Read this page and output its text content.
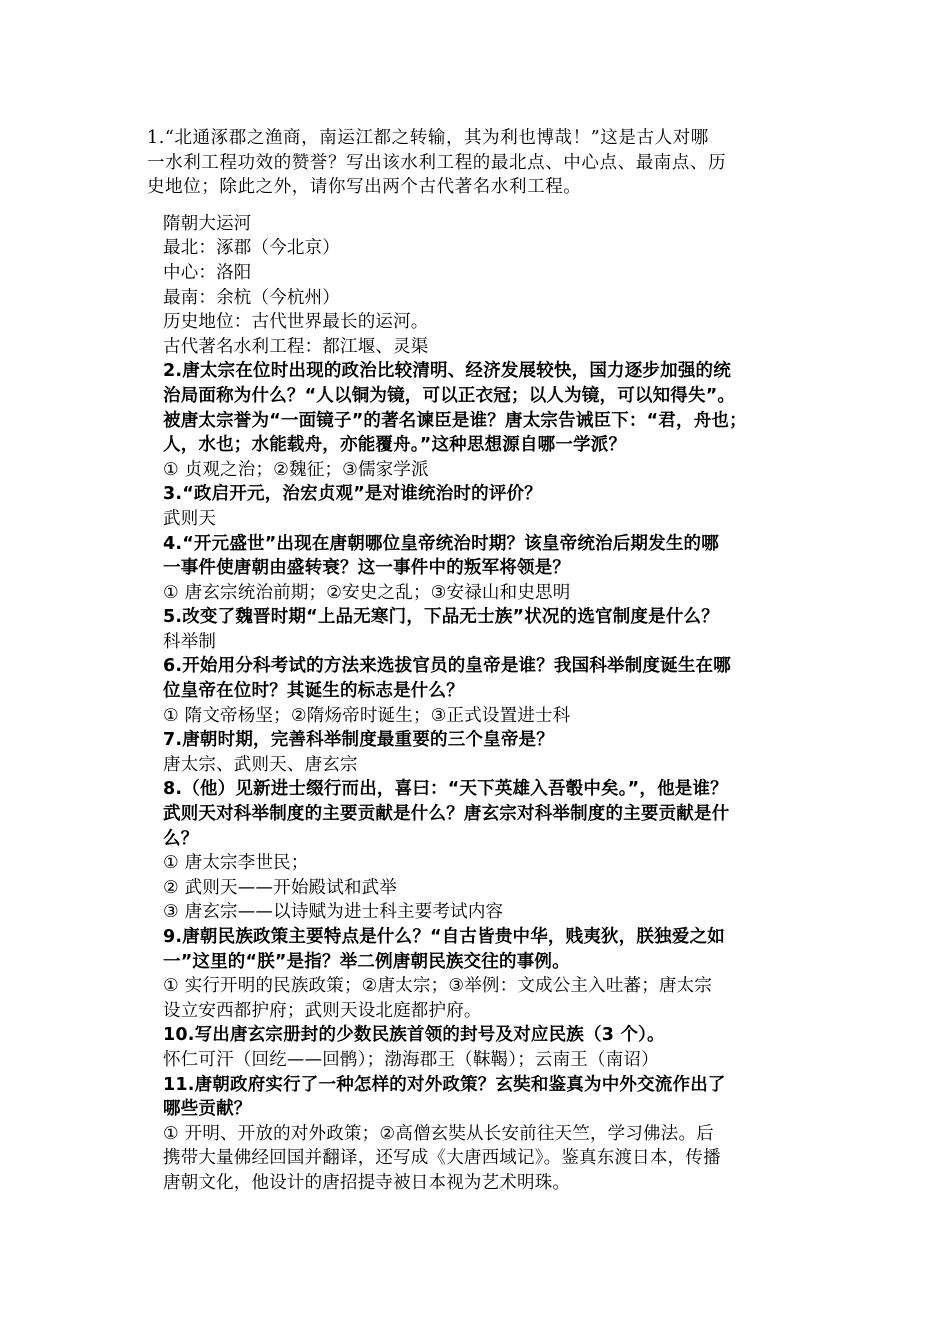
1.“北通涿郡之渔商，南运江都之转输，其为利也博哉！”这是古人对哪

一水利工程功效的赞誉？写出该水利工程的最北点、中心点、最南点、历

史地位；除此之外，请你写出两个古代著名水利工程。

隋朝大运河

最北：涿郡（今北京）

中心：洛阳

最南：余杭（今杭州）

历史地位：古代世界最长的运河。

古代著名水利工程：都江堰、灵渠

2.唐太宗在位时出现的政治比较清明、经济发展较快，国力逐步加强的统

治局面称为什么？“人以铜为镜，可以正衣冠；以人为镜，可以知得失”。

被唐太宗誉为“一面镜子”的著名谏臣是谁？唐太宗告诫臣下：“君，舟也；

人，水也；水能载舟，亦能覆舟。”这种思想源自哪一学派？

① 贞观之治；②魏征；③儒家学派

3.“政启开元，治宏贞观”是对谁统治时的评价？

武则天

4.“开元盛世”出现在唐朝哪位皇帝统治时期？该皇帝统治后期发生的哪

一事件使唐朝由盛转衰？这一事件中的叛军将领是？

① 唐玄宗统治前期；②安史之乱；③安禄山和史思明

5.改变了魏晋时期“上品无寒门，下品无士族”状况的选官制度是什么？

科举制

6.开始用分科考试的方法来选拔官员的皇帝是谁？我国科举制度诞生在哪

位皇帝在位时？其诞生的标志是什么？

① 隋文帝杨坚；②隋炀帝时诞生；③正式设置进士科

7.唐朝时期，完善科举制度最重要的三个皇帝是？

唐太宗、武则天、唐玄宗

8.（他）见新进士缀行而出，喜曰：“天下英雄入吾彀中矣。”，他是谁？

武则天对科举制度的主要贡献是什么？唐玄宗对科举制度的主要贡献是什

么？

① 唐太宗李世民；

② 武则天——开始殿试和武举

③ 唐玄宗——以诗赋为进士科主要考试内容

9.唐朝民族政策主要特点是什么？“自古皆贵中华，贱夷狄，朕独爱之如

一”这里的“朕”是指？举二例唐朝民族交往的事例。

① 实行开明的民族政策；②唐太宗；③举例：文成公主入吐蕃；唐太宗

设立安西都护府；武则天设北庭都护府。

10.写出唐玄宗册封的少数民族首领的封号及对应民族（3 个）。

怀仁可汗（回纥——回鹘）；渤海郡王（靺鞨）；云南王（南诏）

11.唐朝政府实行了一种怎样的对外政策？玄奘和鉴真为中外交流作出了

哪些贡献？

① 开明、开放的对外政策；②高僧玄奘从长安前往天竺，学习佛法。后

携带大量佛经回国并翻译，还写成《大唐西域记》。鉴真东渡日本，传播

唐朝文化，他设计的唐招提寺被日本视为艺术明珠。
